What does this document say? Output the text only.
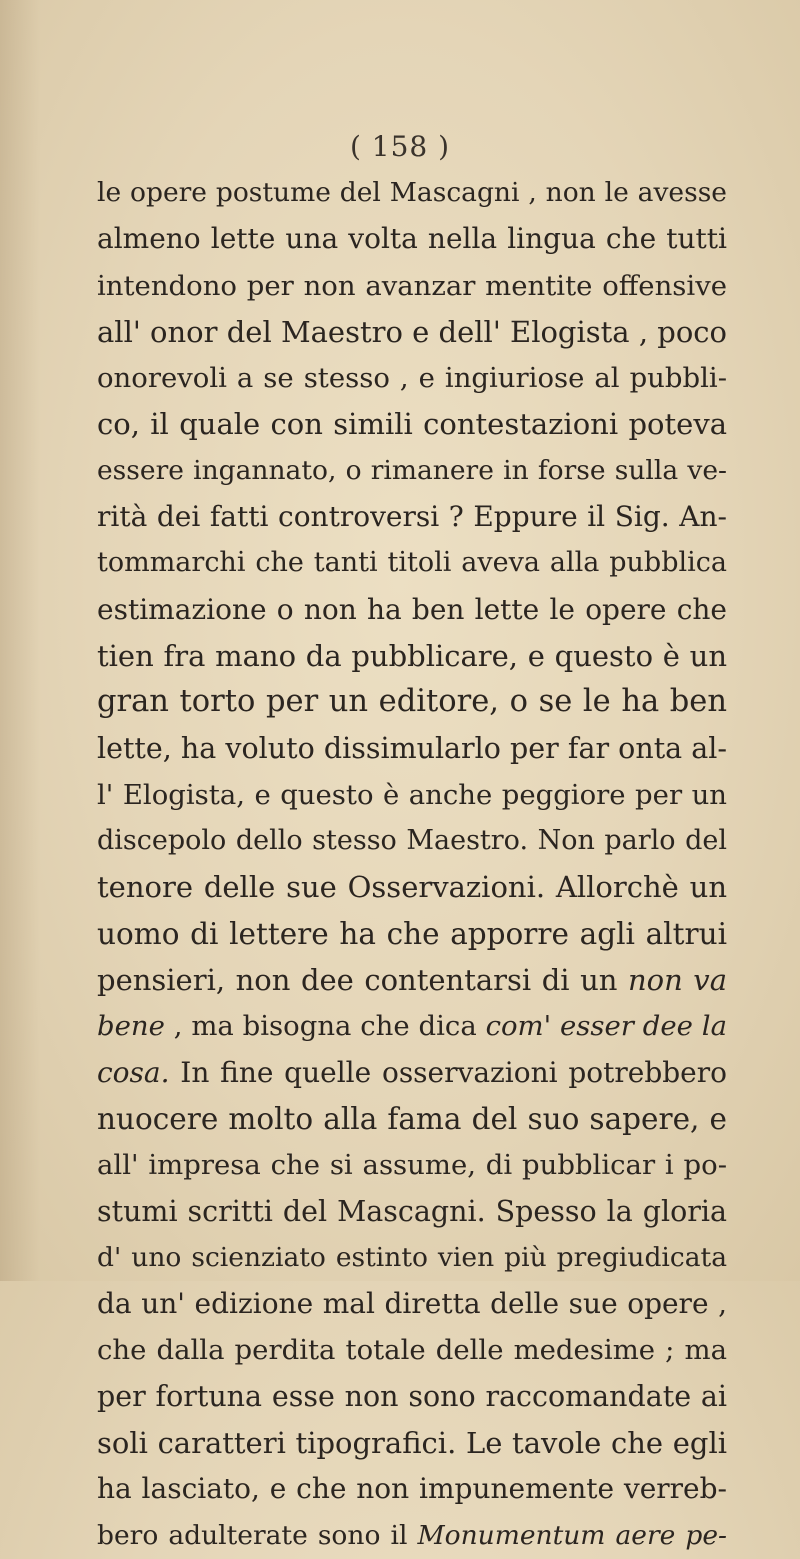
( 158 )
le opere postume del Mascagni , non le avesse
almeno lette una volta nella lingua che tutti
intendono per non avanzar mentite offensive
all' onor del Maestro e dell' Elogista , poco
onorevoli a se stesso , e ingiuriose al pubbli-
co, il quale con simili contestazioni poteva
essere ingannato, o rimanere in forse sulla ve-
rità dei fatti controversi ? Eppure il Sig. An-
tommarchi che tanti titoli aveva alla pubblica
estimazione o non ha ben lette le opere che
tien fra mano da pubblicare, e questo è un
gran torto per un editore, o se le ha ben
lette, ha voluto dissimularlo per far onta al-
l' Elogista, e questo è anche peggiore per un
discepolo dello stesso Maestro. Non parlo del
tenore delle sue Osservazioni. Allorchè un
uomo di lettere ha che apporre agli altrui
pensieri, non dee contentarsi di un non va
bene , ma bisogna che dica com' esser dee la
cosa. In fine quelle osservazioni potrebbero
nuocere molto alla fama del suo sapere, e
all' impresa che si assume, di pubblicar i po-
stumi scritti del Mascagni. Spesso la gloria
d' uno scienziato estinto vien più pregiudicata
da un' edizione mal diretta delle sue opere ,
che dalla perdita totale delle medesime ; ma
per fortuna esse non sono raccomandate ai
soli caratteri tipografici. Le tavole che egli
ha lasciato, e che non impunemente verreb-
bero adulterate sono il Monumentum aere pe-
